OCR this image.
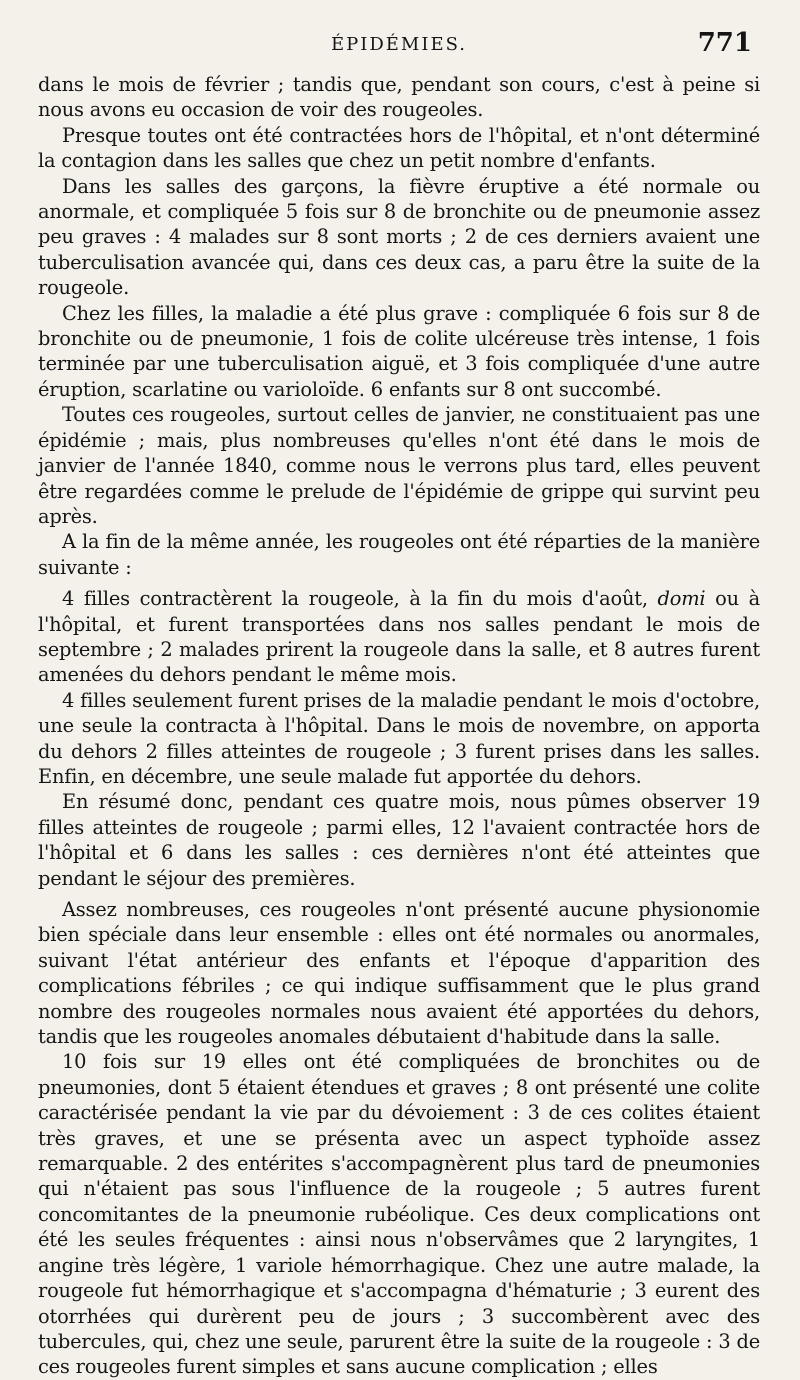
ÉPIDÉMIES.	771

dans le mois de février ; tandis que, pendant son cours, c'est à peine si nous avons eu occasion de voir des rougeoles.

Presque toutes ont été contractées hors de l'hôpital, et n'ont déterminé la contagion dans les salles que chez un petit nombre d'enfants.

Dans les salles des garçons, la fièvre éruptive a été normale ou anormale, et compliquée 5 fois sur 8 de bronchite ou de pneumonie assez peu graves : 4 malades sur 8 sont morts ; 2 de ces derniers avaient une tuberculisation avancée qui, dans ces deux cas, a paru être la suite de la rougeole.

Chez les filles, la maladie a été plus grave : compliquée 6 fois sur 8 de bronchite ou de pneumonie, 1 fois de colite ulcéreuse très intense, 1 fois terminée par une tuberculisation aiguë, et 3 fois compliquée d'une autre éruption, scarlatine ou varioloïde. 6 enfants sur 8 ont succombé.

Toutes ces rougeoles, surtout celles de janvier, ne constituaient pas une épidémie ; mais, plus nombreuses qu'elles n'ont été dans le mois de janvier de l'année 1840, comme nous le verrons plus tard, elles peuvent être regardées comme le prelude de l'épidémie de grippe qui survint peu après.

A la fin de la même année, les rougeoles ont été réparties de la manière suivante :

4 filles contractèrent la rougeole, à la fin du mois d'août, domi ou à l'hôpital, et furent transportées dans nos salles pendant le mois de septembre ; 2 malades prirent la rougeole dans la salle, et 8 autres furent amenées du dehors pendant le même mois.

4 filles seulement furent prises de la maladie pendant le mois d'octobre, une seule la contracta à l'hôpital. Dans le mois de novembre, on apporta du dehors 2 filles atteintes de rougeole ; 3 furent prises dans les salles. Enfin, en décembre, une seule malade fut apportée du dehors.

En résumé donc, pendant ces quatre mois, nous pûmes observer 19 filles atteintes de rougeole ; parmi elles, 12 l'avaient contractée hors de l'hôpital et 6 dans les salles : ces dernières n'ont été atteintes que pendant le séjour des premières.

Assez nombreuses, ces rougeoles n'ont présenté aucune physionomie bien spéciale dans leur ensemble : elles ont été normales ou anormales, suivant l'état antérieur des enfants et l'époque d'apparition des complications fébriles ; ce qui indique suffisamment que le plus grand nombre des rougeoles normales nous avaient été apportées du dehors, tandis que les rougeoles anomales débutaient d'habitude dans la salle.

10 fois sur 19 elles ont été compliquées de bronchites ou de pneumonies, dont 5 étaient étendues et graves ; 8 ont présenté une colite caractérisée pendant la vie par du dévoiement : 3 de ces colites étaient très graves, et une se présenta avec un aspect typhoïde assez remarquable. 2 des entérites s'accompagnèrent plus tard de pneumonies qui n'étaient pas sous l'influence de la rougeole ; 5 autres furent concomitantes de la pneumonie rubéolique. Ces deux complications ont été les seules fréquentes : ainsi nous n'observâmes que 2 laryngites, 1 angine très légère, 1 variole hémorrhagique. Chez une autre malade, la rougeole fut hémorrhagique et s'accompagna d'hématurie ; 3 eurent des otorrhées qui durèrent peu de jours ; 3 succombèrent avec des tubercules, qui, chez une seule, parurent être la suite de la rougeole : 3 de ces rougeoles furent simples et sans aucune complication ; elles
